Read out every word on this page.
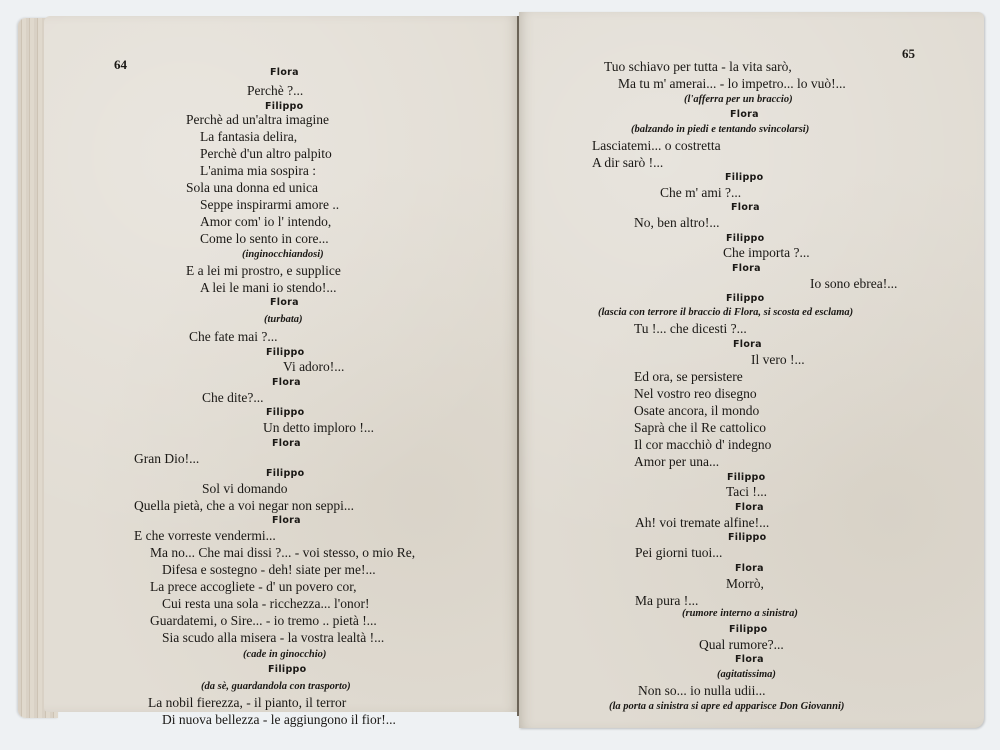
64
65
Flora
Perchè ?...
Filippo
Perchè ad un'altra imagine
La fantasia delira,
Perchè d'un altro palpito
L'anima mia sospira :
Sola una donna ed unica
Seppe inspirarmi amore ..
Amor com' io l' intendo,
Come lo sento in core...
(inginocchiandosi)
E a lei mi prostro, e supplice
A lei le mani io stendo!...
Flora
(turbata)
Che fate mai ?...
Filippo
Vi adoro!...
Flora
Che dite?...
Filippo
Un detto imploro !...
Flora
Gran Dio!...
Filippo
Sol vi domando
Quella pietà, che a voi negar non seppi...
Flora
E che vorreste vendermi...
Ma no... Che mai dissi ?... - voi stesso, o mio Re,
Difesa e sostegno - deh! siate per me!...
La prece accogliete - d' un povero cor,
Cui resta una sola - ricchezza... l'onor!
Guardatemi, o Sire... - io tremo .. pietà !...
Sia scudo alla misera - la vostra lealtà !...
(cade in ginocchio)
Filippo
(da sè, guardandola con trasporto)
La nobil fierezza, - il pianto, il terror
Di nuova bellezza - le aggiungono il fior!...
Tuo schiavo per tutta - la vita sarò,
Ma tu m' amerai... - lo impetro... lo vuò!...
(l'afferra per un braccio)
Flora
(balzando in piedi e tentando svincolarsi)
Lasciatemi... o costretta
A dir sarò !...
Filippo
Che m' ami ?...
Flora
No, ben altro!...
Filippo
Che importa ?...
Flora
Io sono ebrea!...
Filippo
(lascia con terrore il braccio di Flora, si scosta ed esclama)
Tu !... che dicesti ?...
Flora
Il vero !...
Ed ora, se persistere
Nel vostro reo disegno
Osate ancora, il mondo
Saprà che il Re cattolico
Il cor macchiò d' indegno
Amor per una...
Filippo
Taci !...
Flora
Ah! voi tremate alfine!...
Filippo
Pei giorni tuoi...
Flora
Morrò,
Ma pura !...
(rumore interno a sinistra)
Filippo
Qual rumore?...
Flora
(agitatissima)
Non so... io nulla udii...
(la porta a sinistra si apre ed apparisce Don Giovanni)
